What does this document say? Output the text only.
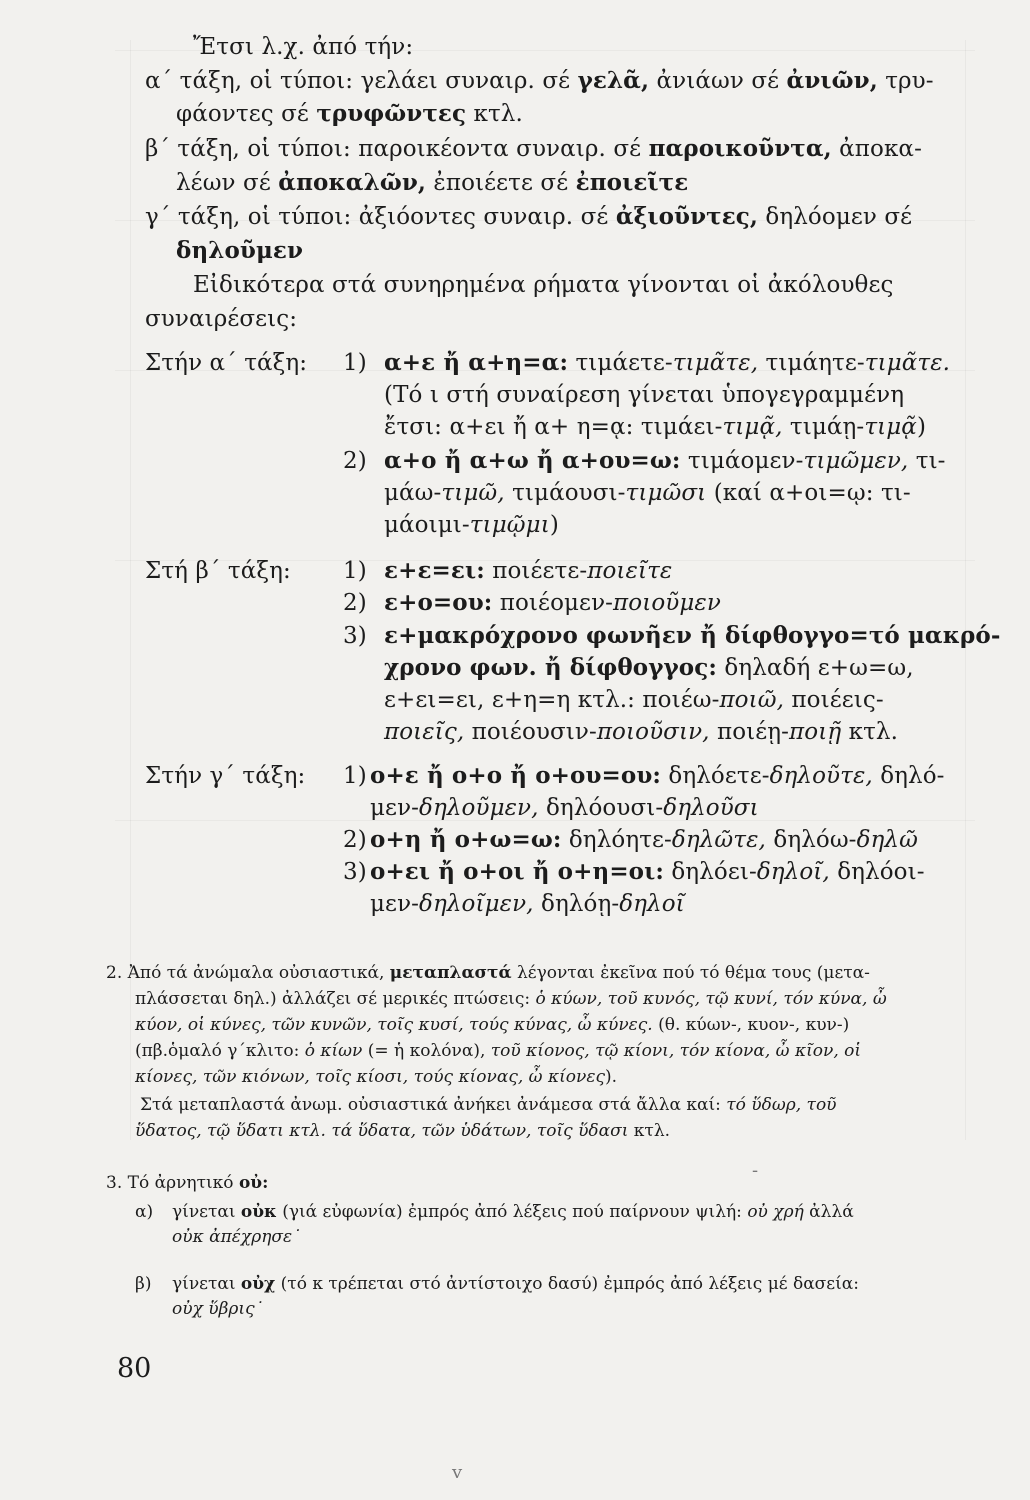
Ἔτσι λ.χ. ἀπό τήν:
α΄ τάξη, οἱ τύποι: γελάει συναιρ. σέ γελᾶ, ἀνιάων σέ ἀνιῶν, τρυ-
φάοντες σέ τρυφῶντες κτλ.
β΄ τάξη, οἱ τύποι: παροικέοντα συναιρ. σέ παροικοῦντα, ἀποκα-
λέων σέ ἀποκαλῶν, ἐποιέετε σέ ἐποιεῖτε
γ΄ τάξη, οἱ τύποι: ἀξιόοντες συναιρ. σέ ἀξιοῦντες, δηλόομεν σέ
δηλοῦμεν
Εἰδικότερα στά συνηρημένα ρήματα γίνονται οἱ ἀκόλουθες
συναιρέσεις:
Στήν α΄ τάξη: 1) α+ε ἤ α+η=α: τιμάετε-τιμᾶτε, τιμάητε-τιμᾶτε.
(Τό ι στή συναίρεση γίνεται ὑπογεγραμμένη
ἔτσι: α+ει ἤ α+ η=ᾳ: τιμάει-τιμᾷ, τιμάῃ-τιμᾷ)
2) α+ο ἤ α+ω ἤ α+ου=ω: τιμάομεν-τιμῶμεν, τι-
μάω-τιμῶ, τιμάουσι-τιμῶσι (καί α+οι=ῳ: τι-
μάοιμι-τιμῷμι)
Στή β΄ τάξη: 1) ε+ε=ει: ποιέετε-ποιεῖτε
2) ε+ο=ου: ποιέομεν-ποιοῦμεν
3) ε+μακρόχρονο φωνῆεν ἤ δίφθογγο=τό μακρό-
χρονο φων. ἤ δίφθογγος: δηλαδή ε+ω=ω,
ε+ει=ει, ε+η=η κτλ.: ποιέω-ποιῶ, ποιέεις-
ποιεῖς, ποιέουσιν-ποιοῦσιν, ποιέῃ-ποιῇ κτλ.
Στήν γ΄ τάξη: 1) ο+ε ἤ ο+ο ἤ ο+ου=ου: δηλόετε-δηλοῦτε, δηλό-
μεν-δηλοῦμεν, δηλόουσι-δηλοῦσι
2) ο+η ἤ ο+ω=ω: δηλόητε-δηλῶτε, δηλόω-δηλῶ
3) ο+ει ἤ ο+οι ἤ ο+η=οι: δηλόει-δηλοῖ, δηλόοι-
μεν-δηλοῖμεν, δηλόῃ-δηλοῖ
2. Ἀπό τά ἀνώμαλα οὐσιαστικά, μεταπλαστά λέγονται ἐκεῖνα πού τό θέμα τους (μετα-
πλάσσεται δηλ.) ἀλλάζει σέ μερικές πτώσεις: ὁ κύων, τοῦ κυνός, τῷ κυνί, τόν κύνα, ὦ
κύον, οἱ κύνες, τῶν κυνῶν, τοῖς κυσί, τούς κύνας, ὦ κύνες. (θ. κύων-, κυον-, κυν-)
(πβ.ὁμαλό γ΄κλιτο: ὁ κίων (= ἡ κολόνα), τοῦ κίονος, τῷ κίονι, τόν κίονα, ὦ κῖον, οἱ
κίονες, τῶν κιόνων, τοῖς κίοσι, τούς κίονας, ὦ κίονες).
Στά μεταπλαστά ἀνωμ. οὐσιαστικά ἀνήκει ἀνάμεσα στά ἄλλα καί: τό ὕδωρ, τοῦ
ὕδατος, τῷ ὕδατι κτλ. τά ὕδατα, τῶν ὑδάτων, τοῖς ὕδασι κτλ.
3. Τό ἀρνητικό οὐ:
α) γίνεται οὐκ (γιά εὐφωνία) ἐμπρός ἀπό λέξεις πού παίρνουν ψιλή: οὐ χρή ἀλλά
οὐκ ἀπέχρησε˙
β) γίνεται οὐχ (τό κ τρέπεται στό ἀντίστοιχο δασύ) ἐμπρός ἀπό λέξεις μέ δασεία:
οὐχ ὕβρις˙
80
-
ⅴ
